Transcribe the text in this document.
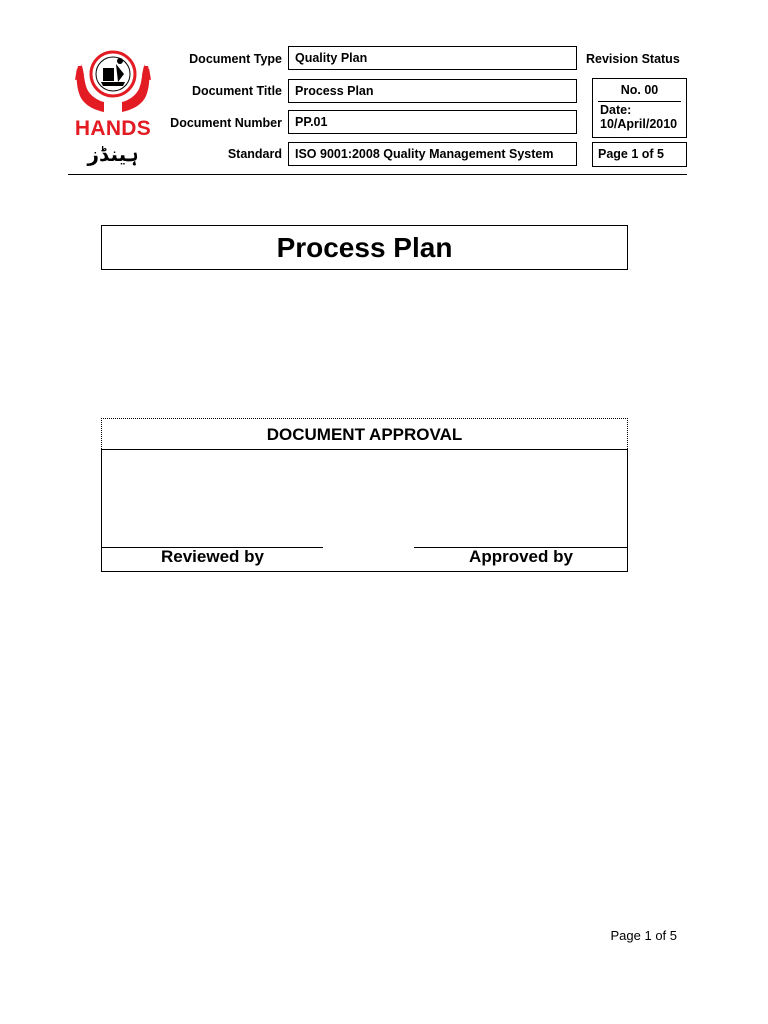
HANDS
ہینڈز
Document Type
Document Title
Document Number
Standard
Quality Plan
Process Plan
PP.01
ISO 9001:2008 Quality Management System
Revision Status
No. 00
Date:
10/April/2010
Page 1 of 5
Process Plan
DOCUMENT APPROVAL
Reviewed by	Approved by
Page 1 of 5
